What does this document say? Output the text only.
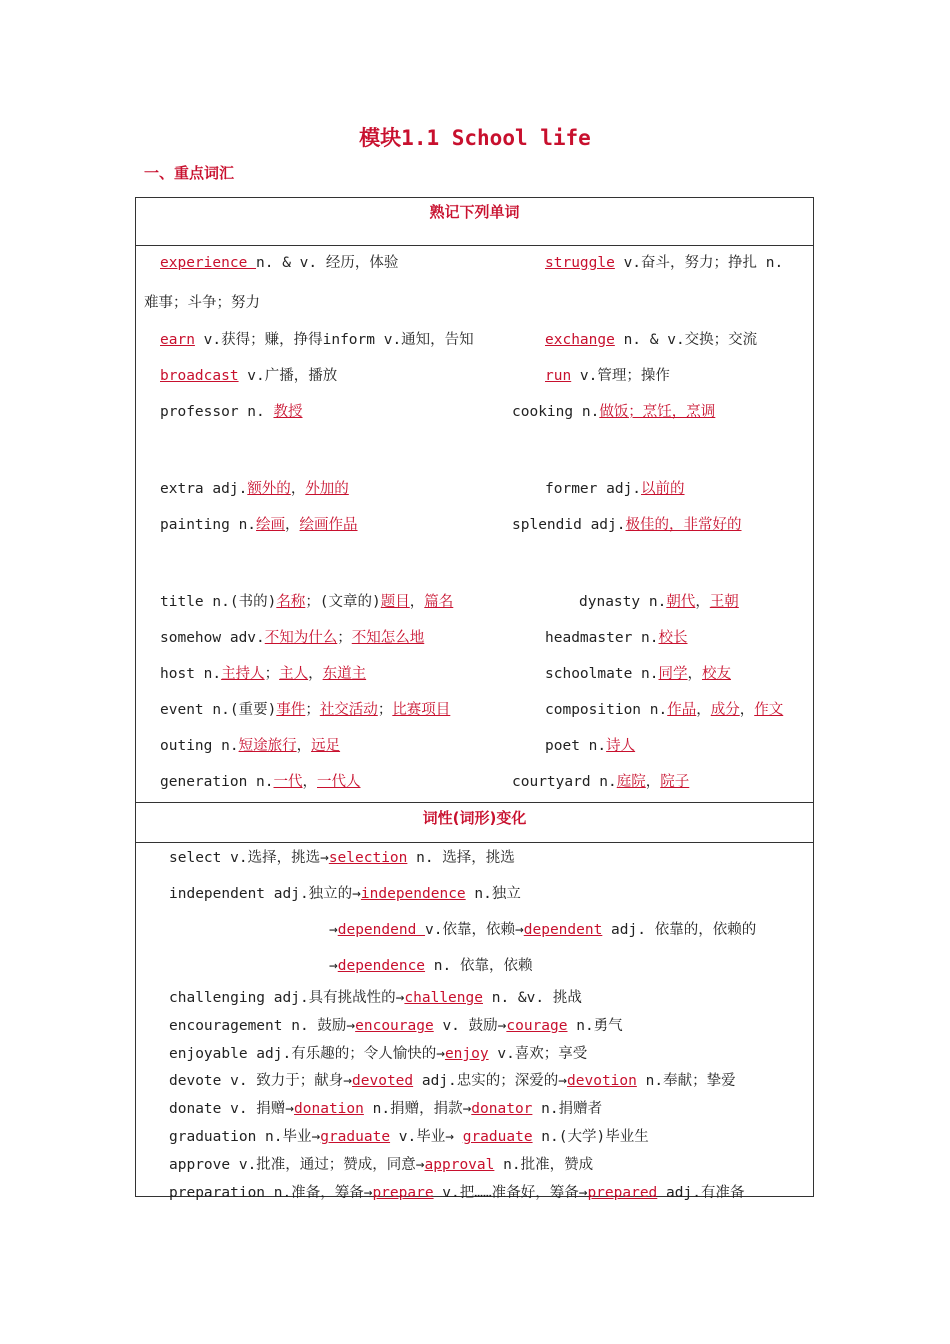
模块1.1 School life
一、重点词汇
熟记下列单词
词性(词形)变化
experience n. & v. 经历，体验	struggle v.奋斗，努力；挣扎 n.
难事；斗争；努力
earn v.获得；赚，挣得inform v.通知，告知	exchange n. & v.交换；交流
broadcast v.广播，播放	run v.管理；操作
professor n. 教授	cooking n.做饭；烹饪，烹调
extra adj.额外的，外加的	former adj.以前的
painting n.绘画，绘画作品	splendid adj.极佳的，非常好的
title n.(书的)名称；(文章的)题目，篇名	dynasty n.朝代，王朝
somehow adv.不知为什么；不知怎么地	headmaster n.校长
host n.主持人；主人，东道主	schoolmate n.同学，校友
event n.(重要)事件；社交活动；比赛项目	composition n.作品，成分，作文
outing n.短途旅行，远足	poet n.诗人
generation n.一代，一代人	courtyard n.庭院，院子
select v.选择，挑选→selection n. 选择，挑选
independent adj.独立的→independence n.独立
→dependend v.依靠，依赖→dependent adj. 依靠的，依赖的
→dependence n. 依靠，依赖
challenging adj.具有挑战性的→challenge n. &v. 挑战
encouragement n. 鼓励→encourage v. 鼓励→courage n.勇气
enjoyable adj.有乐趣的；令人愉快的→enjoy v.喜欢；享受
devote v. 致力于；献身→devoted adj.忠实的；深爱的→devotion n.奉献；挚爱
donate v. 捐赠→donation n.捐赠，捐款→donator n.捐赠者
graduation n.毕业→graduate v.毕业→ graduate n.(大学)毕业生
approve v.批准，通过；赞成，同意→approval n.批准，赞成
preparation n.准备，筹备→prepare v.把……准备好，筹备→prepared adj.有准备
